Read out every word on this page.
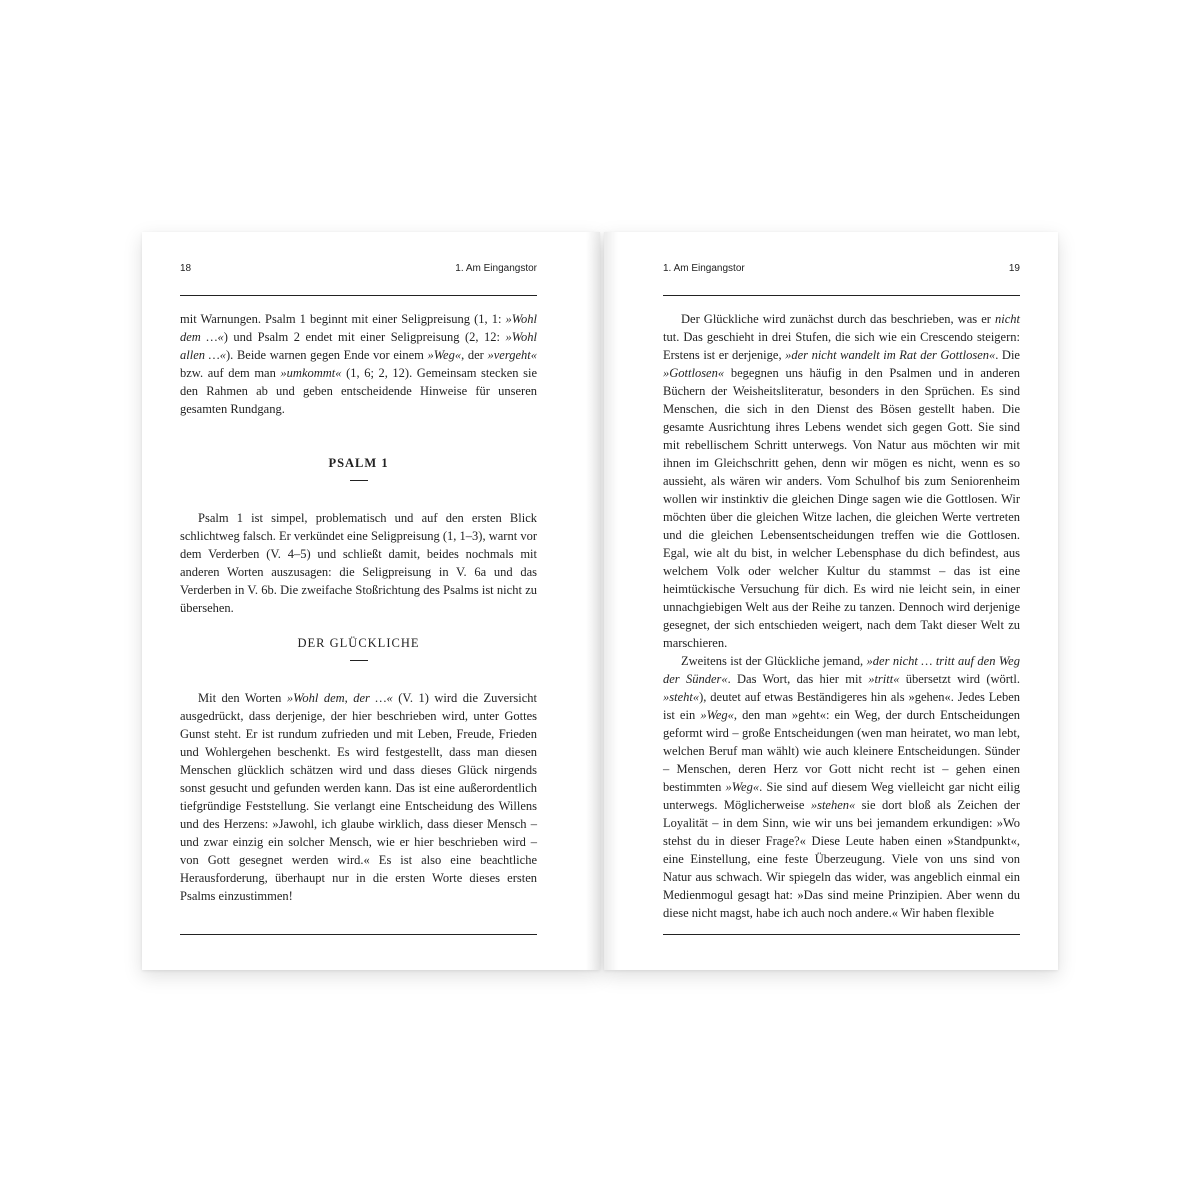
18	1. Am Eingangstor

mit Warnungen. Psalm 1 beginnt mit einer Seligpreisung (1, 1: »Wohl dem …«) und Psalm 2 endet mit einer Seligpreisung (2, 12: »Wohl allen …«). Beide warnen gegen Ende vor einem »Weg«, der »vergeht« bzw. auf dem man »umkommt« (1, 6; 2, 12). Gemeinsam stecken sie den Rahmen ab und geben entscheidende Hinweise für unseren gesamten Rundgang.

PSALM 1

Psalm 1 ist simpel, problematisch und auf den ersten Blick schlichtweg falsch. Er verkündet eine Seligpreisung (1, 1–3), warnt vor dem Verderben (V. 4–5) und schließt damit, beides nochmals mit anderen Worten auszusagen: die Seligpreisung in V. 6a und das Verderben in V. 6b. Die zweifache Stoßrichtung des Psalms ist nicht zu übersehen.

DER GLÜCKLICHE

Mit den Worten »Wohl dem, der …« (V. 1) wird die Zuversicht ausgedrückt, dass derjenige, der hier beschrieben wird, unter Gottes Gunst steht. Er ist rundum zufrieden und mit Leben, Freude, Frieden und Wohlergehen beschenkt. Es wird festgestellt, dass man diesen Menschen glücklich schätzen wird und dass dieses Glück nirgends sonst gesucht und gefunden werden kann. Das ist eine außerordentlich tiefgründige Feststellung. Sie verlangt eine Entscheidung des Willens und des Herzens: »Jawohl, ich glaube wirklich, dass dieser Mensch – und zwar einzig ein solcher Mensch, wie er hier beschrieben wird – von Gott gesegnet werden wird.« Es ist also eine beachtliche Herausforderung, überhaupt nur in die ersten Worte dieses ersten Psalms einzustimmen!

1. Am Eingangstor	19

Der Glückliche wird zunächst durch das beschrieben, was er nicht tut. Das geschieht in drei Stufen, die sich wie ein Crescendo steigern: Erstens ist er derjenige, »der nicht wandelt im Rat der Gottlosen«. Die »Gottlosen« begegnen uns häufig in den Psalmen und in anderen Büchern der Weisheitsliteratur, besonders in den Sprüchen. Es sind Menschen, die sich in den Dienst des Bösen gestellt haben. Die gesamte Ausrichtung ihres Lebens wendet sich gegen Gott. Sie sind mit rebellischem Schritt unterwegs. Von Natur aus möchten wir mit ihnen im Gleichschritt gehen, denn wir mögen es nicht, wenn es so aussieht, als wären wir anders. Vom Schulhof bis zum Seniorenheim wollen wir instinktiv die gleichen Dinge sagen wie die Gottlosen. Wir möchten über die gleichen Witze lachen, die gleichen Werte vertreten und die gleichen Lebensentscheidungen treffen wie die Gottlosen. Egal, wie alt du bist, in welcher Lebensphase du dich befindest, aus welchem Volk oder welcher Kultur du stammst – das ist eine heimtückische Versuchung für dich. Es wird nie leicht sein, in einer unnachgiebigen Welt aus der Reihe zu tanzen. Dennoch wird derjenige gesegnet, der sich entschieden weigert, nach dem Takt dieser Welt zu marschieren.

Zweitens ist der Glückliche jemand, »der nicht … tritt auf den Weg der Sünder«. Das Wort, das hier mit »tritt« übersetzt wird (wörtl. »steht«), deutet auf etwas Beständigeres hin als »gehen«. Jedes Leben ist ein »Weg«, den man »geht«: ein Weg, der durch Entscheidungen geformt wird – große Entscheidungen (wen man heiratet, wo man lebt, welchen Beruf man wählt) wie auch kleinere Entscheidungen. Sünder – Menschen, deren Herz vor Gott nicht recht ist – gehen einen bestimmten »Weg«. Sie sind auf diesem Weg vielleicht gar nicht eilig unterwegs. Möglicherweise »stehen« sie dort bloß als Zeichen der Loyalität – in dem Sinn, wie wir uns bei jemandem erkundigen: »Wo stehst du in dieser Frage?« Diese Leute haben einen »Standpunkt«, eine Einstellung, eine feste Überzeugung. Viele von uns sind von Natur aus schwach. Wir spiegeln das wider, was angeblich einmal ein Medienmogul gesagt hat: »Das sind meine Prinzipien. Aber wenn du diese nicht magst, habe ich auch noch andere.« Wir haben flexible
